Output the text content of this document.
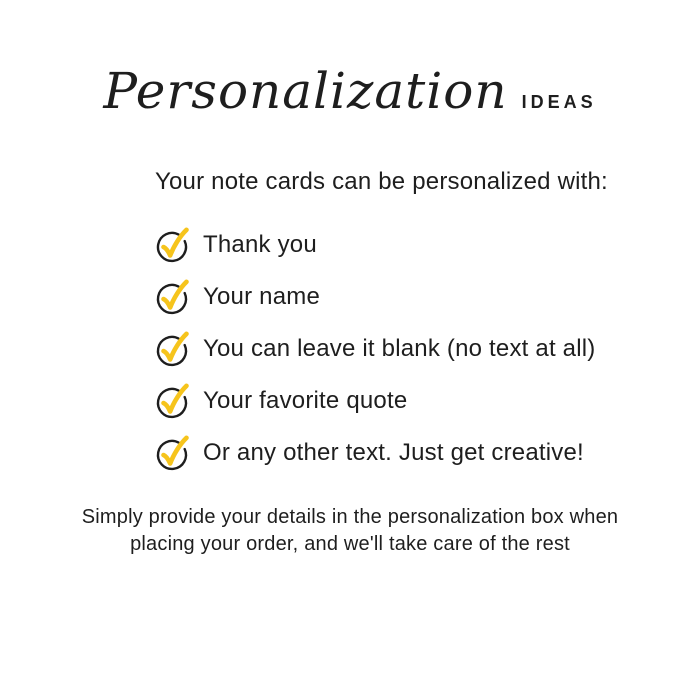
Personalization IDEAS

Your note cards can be personalized with:

Thank you
Your name
You can leave it blank (no text at all)
Your favorite quote
Or any other text. Just get creative!
Simply provide your details in the personalization box when
placing your order, and we'll take care of the rest
